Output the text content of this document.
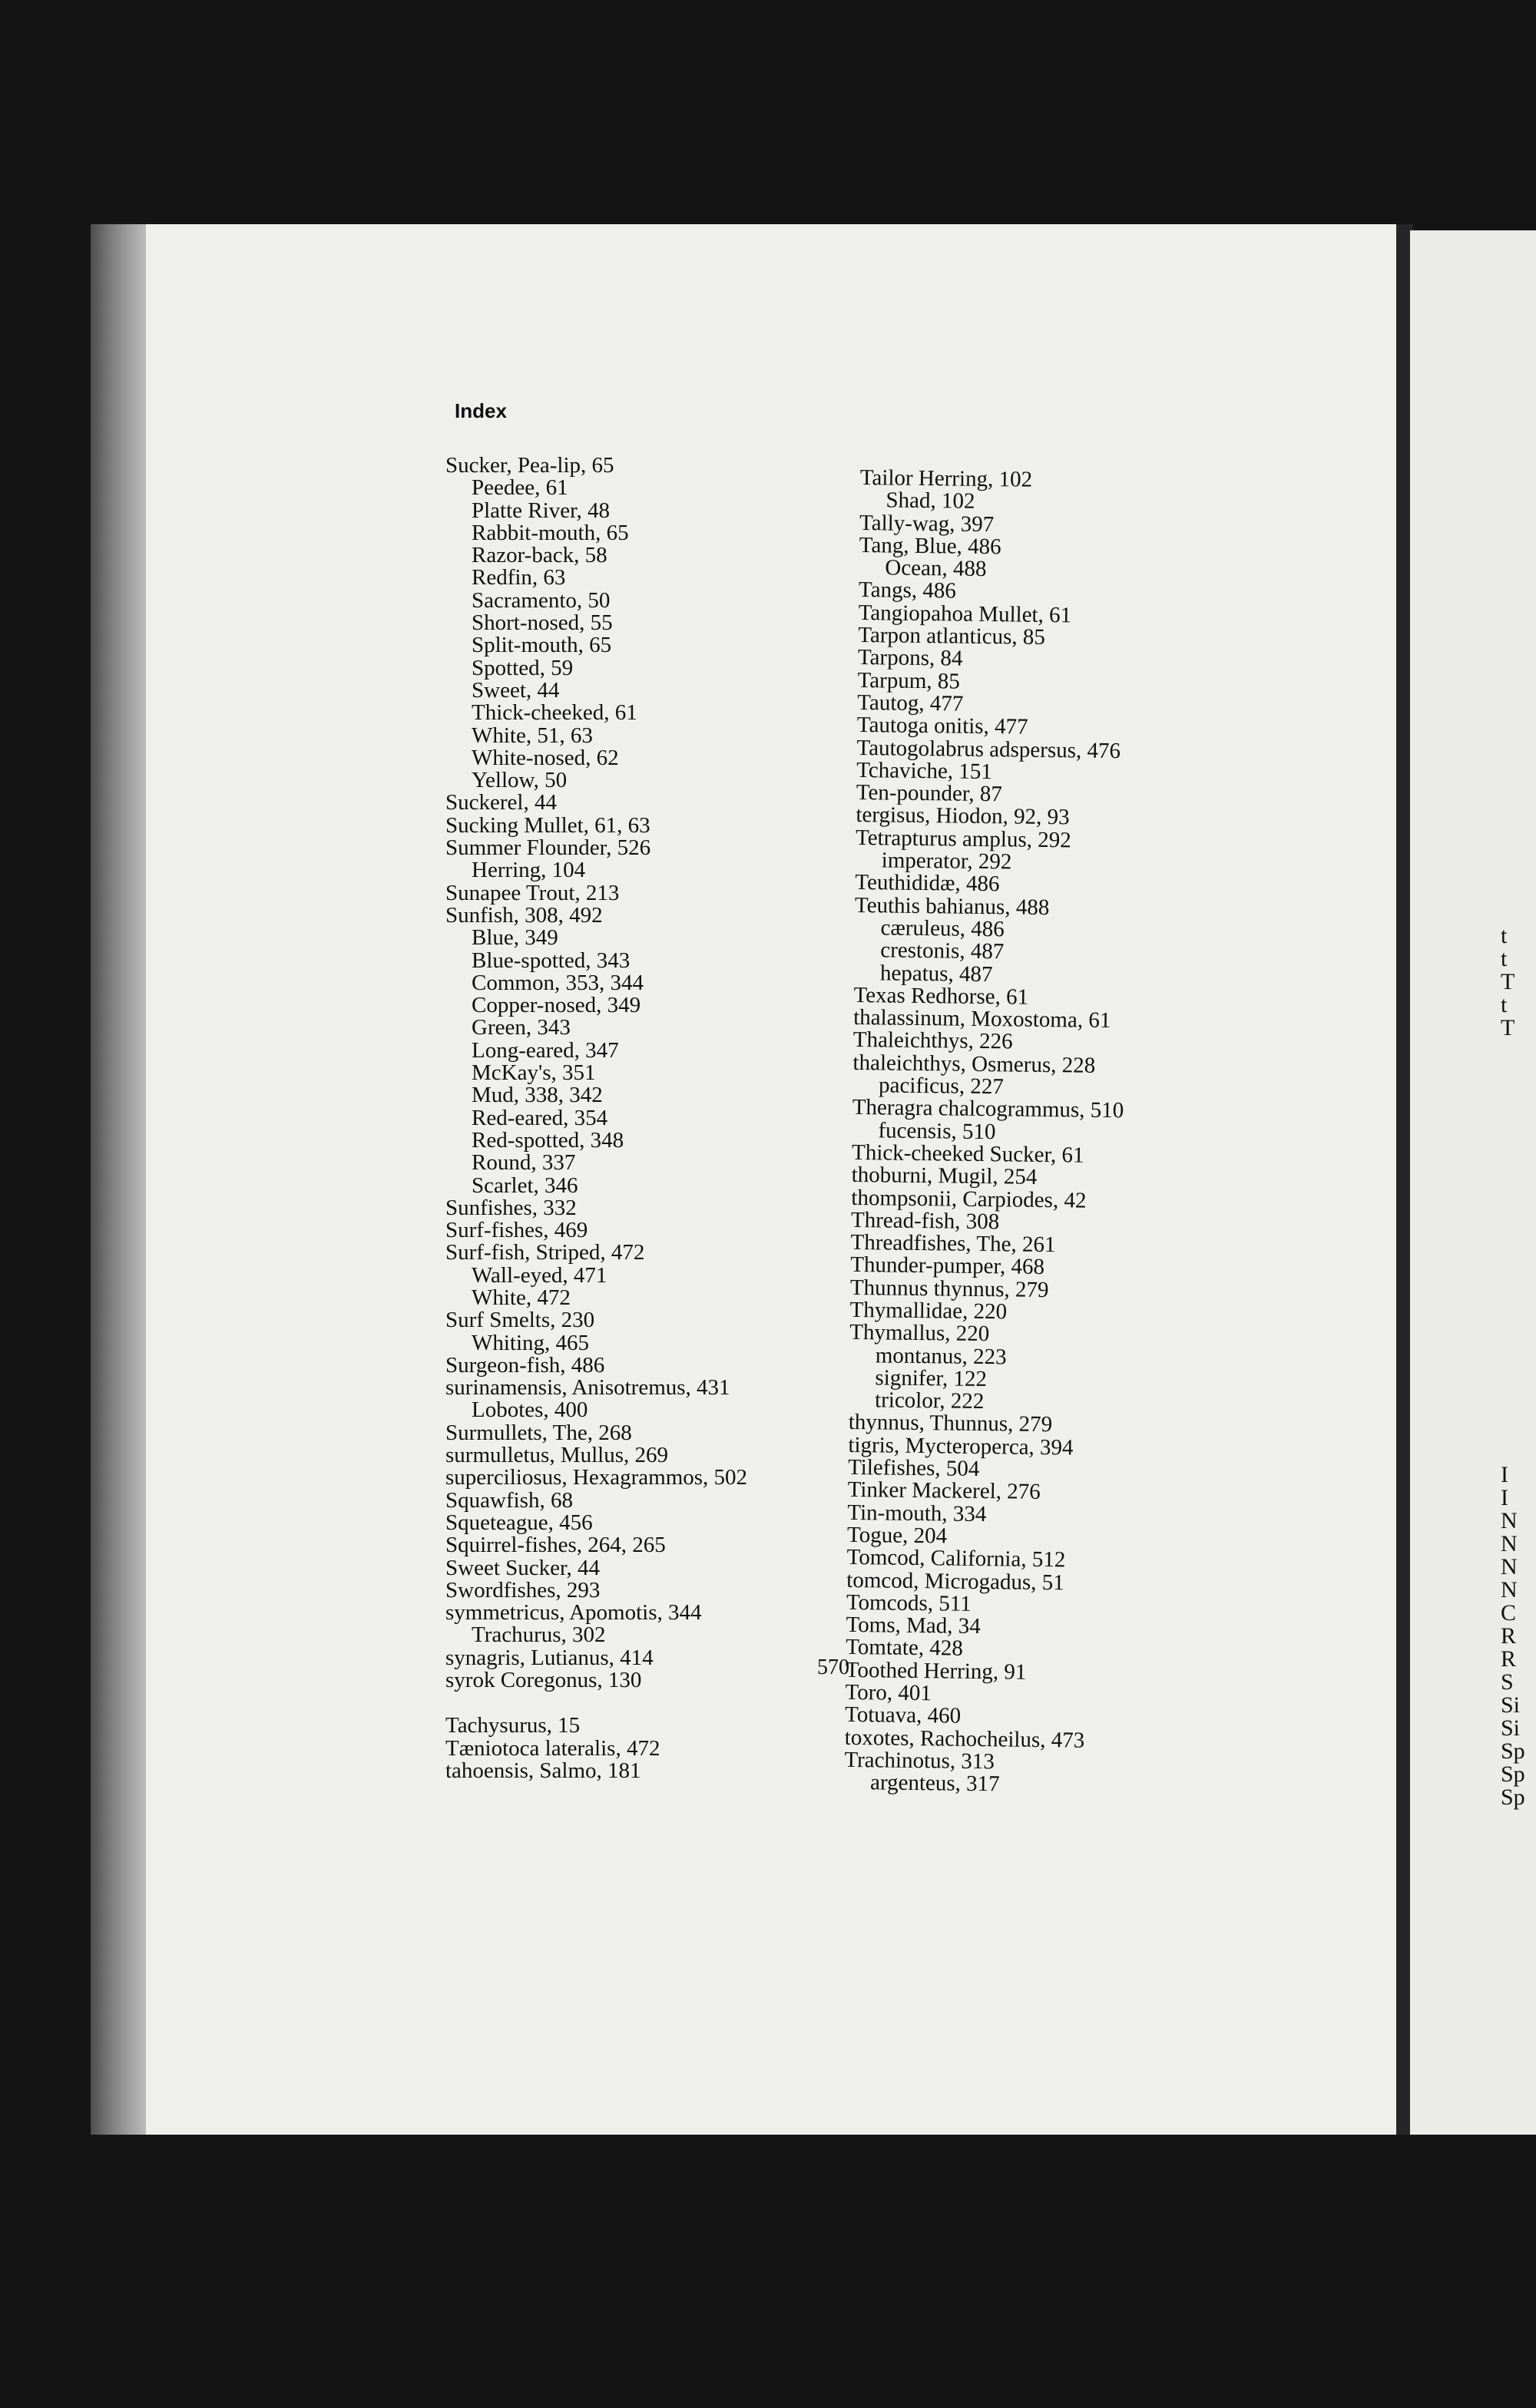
Index
Sucker, Pea-lip, 65
Peedee, 61
Platte River, 48
Rabbit-mouth, 65
Razor-back, 58
Redfin, 63
Sacramento, 50
Short-nosed, 55
Split-mouth, 65
Spotted, 59
Sweet, 44
Thick-cheeked, 61
White, 51, 63
White-nosed, 62
Yellow, 50
Suckerel, 44
Sucking Mullet, 61, 63
Summer Flounder, 526
Herring, 104
Sunapee Trout, 213
Sunfish, 308, 492
Blue, 349
Blue-spotted, 343
Common, 353, 344
Copper-nosed, 349
Green, 343
Long-eared, 347
McKay's, 351
Mud, 338, 342
Red-eared, 354
Red-spotted, 348
Round, 337
Scarlet, 346
Sunfishes, 332
Surf-fishes, 469
Surf-fish, Striped, 472
Wall-eyed, 471
White, 472
Surf Smelts, 230
Whiting, 465
Surgeon-fish, 486
surinamensis, Anisotremus, 431
Lobotes, 400
Surmullets, The, 268
surmulletus, Mullus, 269
superciliosus, Hexagrammos, 502
Squawfish, 68
Squeteague, 456
Squirrel-fishes, 264, 265
Sweet Sucker, 44
Swordfishes, 293
symmetricus, Apomotis, 344
Trachurus, 302
synagris, Lutianus, 414
syrok Coregonus, 130
Tachysurus, 15
Tæniotoca lateralis, 472
tahoensis, Salmo, 181
Tailor Herring, 102
Shad, 102
Tally-wag, 397
Tang, Blue, 486
Ocean, 488
Tangs, 486
Tangiopahoa Mullet, 61
Tarpon atlanticus, 85
Tarpons, 84
Tarpum, 85
Tautog, 477
Tautoga onitis, 477
Tautogolabrus adspersus, 476
Tchaviche, 151
Ten-pounder, 87
tergisus, Hiodon, 92, 93
Tetrapturus amplus, 292
imperator, 292
Teuthididæ, 486
Teuthis bahianus, 488
cæruleus, 486
crestonis, 487
hepatus, 487
Texas Redhorse, 61
thalassinum, Moxostoma, 61
Thaleichthys, 226
thaleichthys, Osmerus, 228
pacificus, 227
Theragra chalcogrammus, 510
fucensis, 510
Thick-cheeked Sucker, 61
thoburni, Mugil, 254
thompsonii, Carpiodes, 42
Thread-fish, 308
Threadfishes, The, 261
Thunder-pumper, 468
Thunnus thynnus, 279
Thymallidae, 220
Thymallus, 220
montanus, 223
signifer, 122
tricolor, 222
thynnus, Thunnus, 279
tigris, Mycteroperca, 394
Tilefishes, 504
Tinker Mackerel, 276
Tin-mouth, 334
Togue, 204
Tomcod, California, 512
tomcod, Microgadus, 51
Tomcods, 511
Toms, Mad, 34
Tomtate, 428
Toothed Herring, 91
Toro, 401
Totuava, 460
toxotes, Rachocheilus, 473
Trachinotus, 313
argenteus, 317
570
t
t
T
t
T
I
I
N
N
N
N
C
R
R
S
Si
Si
Sp
Sp
Sp
